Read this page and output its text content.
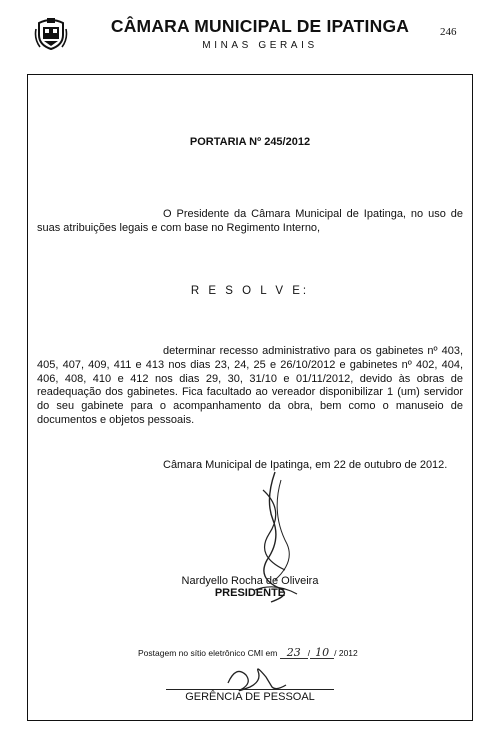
CÂMARA MUNICIPAL DE IPATINGA
MINAS GERAIS
246
PORTARIA Nº 245/2012
O Presidente da Câmara Municipal de Ipatinga, no uso de suas atribuições legais e com base no Regimento Interno,
R E S O L V E:
determinar recesso administrativo para os gabinetes nº 403, 405, 407, 409, 411 e 413 nos dias 23, 24, 25 e 26/10/2012 e gabinetes nº 402, 404, 406, 408, 410 e 412 nos dias 29, 30, 31/10 e 01/11/2012, devido às obras de readequação dos gabinetes. Fica facultado ao vereador disponibilizar 1 (um) servidor do seu gabinete para o acompanhamento da obra, bem como o manuseio de documentos e objetos pessoais.
Câmara Municipal de Ipatinga, em 22 de outubro de 2012.
Nardyello Rocha de Oliveira
PRESIDENTE
Postagem no sítio eletrônico CMI em 23 / 10 / 2012
GERÊNCIA DE PESSOAL
